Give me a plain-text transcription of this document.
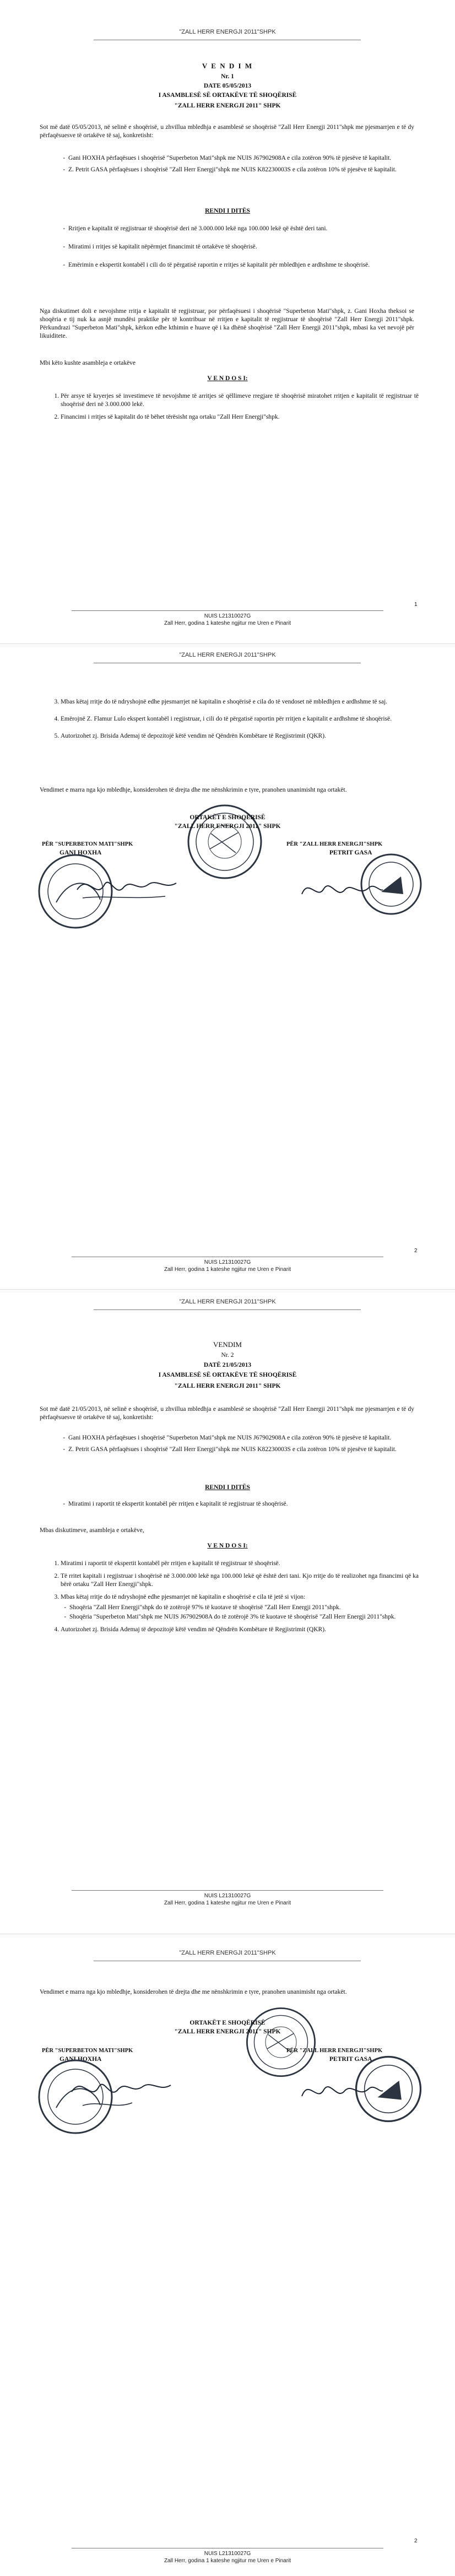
"ZALL HERR ENERGJI 2011"SHPK
V E N D I M
Nr. 1
DATE 05/05/2013
I ASAMBLESË SË ORTAKËVE TË SHOQËRISË
"ZALL HERR ENERGJI 2011" SHPK
Sot më datë 05/05/2013, në selinë e shoqërisë, u zhvillua mbledhja e asamblesë se shoqërisë "Zall Herr Energji 2011"shpk me pjesmarrjen e të dy përfaqësuesve të ortakëve të saj, konkretisht:
- Gani HOXHA përfaqësues i shoqërisë "Superbeton Mati"shpk me NUIS J67902908A e cila zotëron 90% të pjesëve të kapitalit.
- Z. Petrit GASA përfaqësues i shoqërisë "Zall Herr Energji"shpk me NUIS K82230003S e cila zotëron 10% të pjesëve të kapitalit.
RENDI I DITËS
- Rritjen e kapitalit të regjistruar të shoqërisë deri në 3.000.000 lekë nga 100.000 lekë që është deri tani.
- Miratimi i rritjes së kapitalit nëpërmjet financimit të ortakëve të shoqërisë.
- Emërimin e ekspertit kontabël i cili do të përgatisë raportin e rritjes së kapitalit për mbledhjen e ardhshme te shoqërisë.
Nga diskutimet doli e nevojshme rritja e kapitalit të regjistruar, por përfaqësuesi i shoqërisë "Superbeton Mati"shpk, z. Gani Hoxha theksoi se shoqëria e tij nuk ka asnjë mundësi praktike për të kontribuar në rritjen e kapitalit të regjistruar të shoqërisë "Zall Herr Energji 2011"shpk. Përkundrazi "Superbeton Mati"shpk, kërkon edhe kthimin e huave që i ka dhënë shoqërisë "Zall Herr Energji 2011"shpk, mbasi ka vet nevojë për likuiditete.
Mbi këto kushte asambleja e ortakëve
V E N D O S I:
1. Për arsye të kryerjes së investimeve të nevojshme të arritjes së qëllimeve rregjare të shoqërisë miratohet rritjen e kapitalit të regjistruar të shoqërisë deri në 3.000.000 lekë.
2. Financimi i rritjes së kapitalit do të bëhet tërësisht nga ortaku "Zall Herr Energji"shpk.
1
NUIS L21310027G
Zall Herr, godina 1 kateshe ngjitur me Uren e Pinarit
"ZALL HERR ENERGJI 2011"SHPK
3. Mbas këtaj rritje do të ndryshojnë edhe pjesmarrjet në kapitalin e shoqërisë e cila do të vendoset në mbledhjen e ardhshme të saj.
4. Emërojnë Z. Flamur Lulo ekspert kontabël i regjistruar, i cili do të përgatisë raportin për rritjen e kapitalit e ardhshme të shoqërisë.
5. Autorizohet zj. Brisida Ademaj të depozitojë këtë vendim në Qëndrën Kombëtare të Regjistrimit (QKR).
Vendimet e marra nga kjo mbledhje, konsiderohen të drejta dhe me nënshkrimin e tyre, pranohen unanimisht nga ortakët.
ORTAKËT E SHOQËRISË
"ZALL HERR ENERGJI 2011" SHPK
PËR "SUPERBETON MATI"SHPK
GANI HOXHA
PËR "ZALL HERR ENERGJI"SHPK
PETRIT GASA
2
NUIS L21310027G
Zall Herr, godina 1 kateshe ngjitur me Uren e Pinarit
"ZALL HERR ENERGJI 2011"SHPK
VENDIM
Nr. 2
DATË 21/05/2013
I ASAMBLESË SË ORTAKËVE TË SHOQËRISË
"ZALL HERR ENERGJI 2011" SHPK
Sot më datë 21/05/2013, në selinë e shoqërisë, u zhvillua mbledhja e asamblesë se shoqërisë "Zall Herr Energji 2011"shpk me pjesmarrjen e të dy përfaqësuesve të ortakëve të saj, konkretisht:
- Gani HOXHA përfaqësues i shoqërisë "Superbeton Mati"shpk me NUIS J67902908A e cila zotëron 90% të pjesëve të kapitalit.
- Z. Petrit GASA përfaqësues i shoqërisë "Zall Herr Energji"shpk me NUIS K82230003S e cila zotëron 10% të pjesëve të kapitalit.
RENDI I DITËS
- Miratimi i raportit të ekspertit kontabël për rritjen e kapitalit të regjistruar të shoqërisë.
Mbas diskutimeve, asambleja e ortakëve,
V E N D O S I:
1. Miratimi i raportit të ekspertit kontabël për rritjen e kapitalit të regjistruar të shoqërisë.
2. Të rritet kapitali i regjistruar i shoqërisë në 3.000.000 lekë nga 100.000 lekë që është deri tani. Kjo rritje do të realizohet nga financimi që ka bërë ortaku "Zall Herr Energji"shpk.
3. Mbas këtaj rritje do të ndryshojnë edhe pjesmarrjet në kapitalin e shoqërisë e cila të jetë si vijon:
- Shoqëria "Zall Herr Energji"shpk do të zotërojë 97% të kuotave të shoqërisë "Zall Herr Energji 2011"shpk.
- Shoqëria "Superbeton Mati"shpk me NUIS J67902908A do të zotërojë 3% të kuotave të shoqërisë "Zall Herr Energji 2011"shpk.
4. Autorizohet zj. Brisida Ademaj të depozitojë këtë vendim në Qëndrën Kombëtare të Regjistrimit (QKR).
NUIS L21310027G
Zall Herr, godina 1 kateshe ngjitur me Uren e Pinarit
"ZALL HERR ENERGJI 2011"SHPK
Vendimet e marra nga kjo mbledhje, konsiderohen të drejta dhe me nënshkrimin e tyre, pranohen unanimisht nga ortakët.
ORTAKËT E SHOQËRISË
"ZALL HERR ENERGJI 2011" SHPK
PËR "SUPERBETON MATI"SHPK
GANI HOXHA
PËR "ZALL HERR ENERGJI"SHPK
PETRIT GASA
2
NUIS L21310027G
Zall Herr, godina 1 kateshe ngjitur me Uren e Pinarit
